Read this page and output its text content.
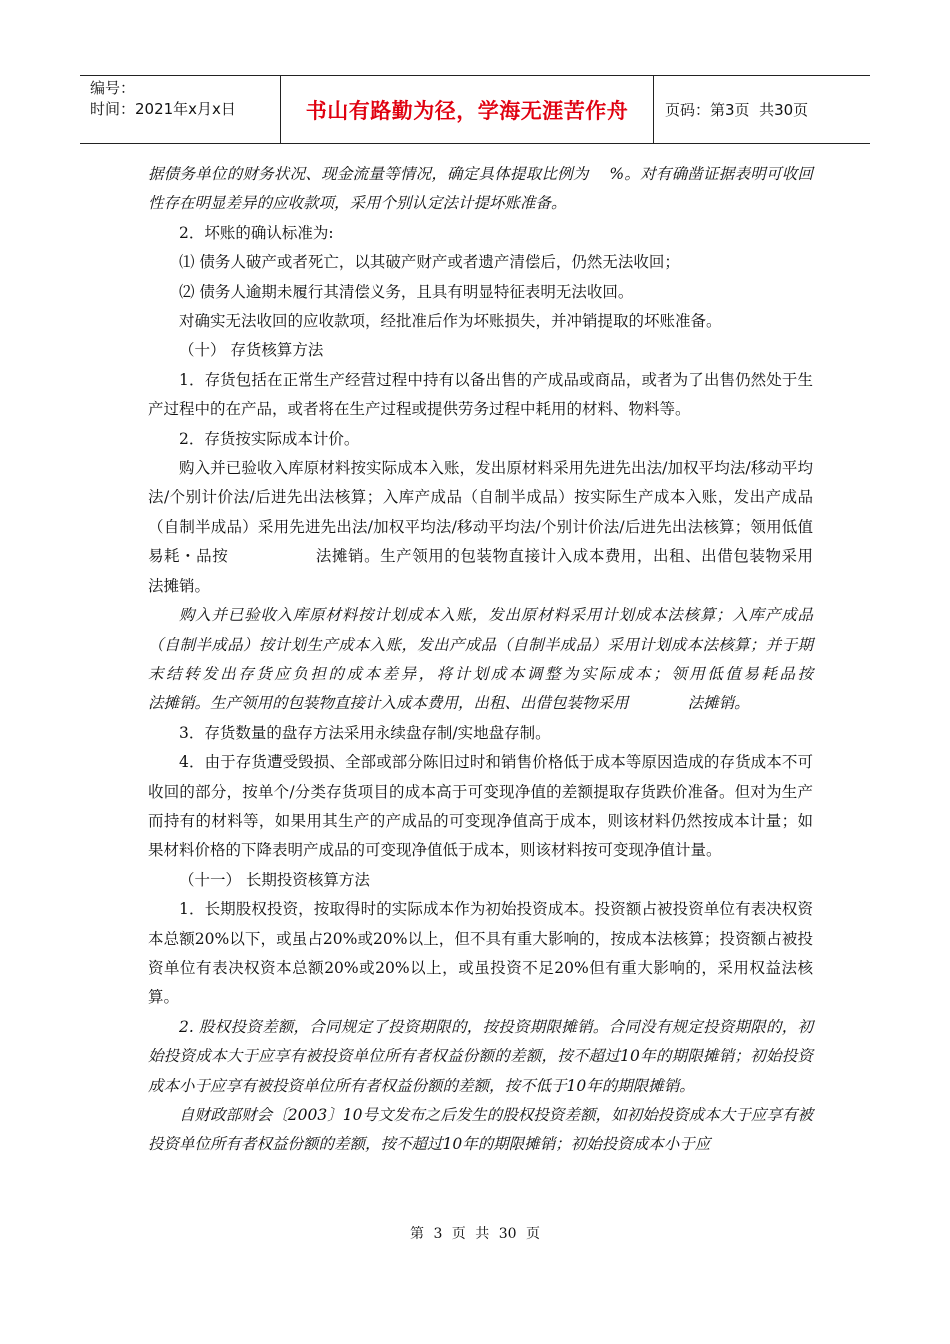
编号：
时间：2021年x月x日	书山有路勤为径，学海无涯苦作舟	页码：第3页  共30页

据债务单位的财务状况、现金流量等情况，确定具体提取比例为    %。对有确凿证据表明可收回性存在明显差异的应收款项，采用个别认定法计提坏账准备。

2．坏账的确认标准为:

⑴ 债务人破产或者死亡，以其破产财产或者遗产清偿后，仍然无法收回；

⑵ 债务人逾期未履行其清偿义务，且具有明显特征表明无法收回。

对确实无法收回的应收款项，经批准后作为坏账损失，并冲销提取的坏账准备。

（十） 存货核算方法

1．存货包括在正常生产经营过程中持有以备出售的产成品或商品，或者为了出售仍然处于生产过程中的在产品，或者将在生产过程或提供劳务过程中耗用的材料、物料等。

2．存货按实际成本计价。

购入并已验收入库原材料按实际成本入账，发出原材料采用先进先出法/加权平均法/移动平均法/个别计价法/后进先出法核算；入库产成品（自制半成品）按实际生产成本入账，发出产成品（自制半成品）采用先进先出法/加权平均法/移动平均法/个别计价法/后进先出法核算；领用低值易耗・品按                法摊销。生产领用的包装物直接计入成本费用，出租、出借包装物采用            法摊销。

购入并已验收入库原材料按计划成本入账，发出原材料采用计划成本法核算；入库产成品（自制半成品）按计划生产成本入账，发出产成品（自制半成品）采用计划成本法核算；并于期末结转发出存货应负担的成本差异，将计划成本调整为实际成本；领用低值易耗品按                法摊销。生产领用的包装物直接计入成本费用，出租、出借包装物采用            法摊销。

3．存货数量的盘存方法采用永续盘存制/实地盘存制。

4．由于存货遭受毁损、全部或部分陈旧过时和销售价格低于成本等原因造成的存货成本不可收回的部分，按单个/分类存货项目的成本高于可变现净值的差额提取存货跌价准备。但对为生产而持有的材料等，如果用其生产的产成品的可变现净值高于成本，则该材料仍然按成本计量；如果材料价格的下降表明产成品的可变现净值低于成本，则该材料按可变现净值计量。

（十一） 长期投资核算方法

1．长期股权投资，按取得时的实际成本作为初始投资成本。投资额占被投资单位有表决权资本总额20%以下，或虽占20%或20%以上，但不具有重大影响的，按成本法核算；投资额占被投资单位有表决权资本总额20%或20%以上，或虽投资不足20%但有重大影响的，采用权益法核算。

2. 股权投资差额，合同规定了投资期限的，按投资期限摊销。合同没有规定投资期限的，初始投资成本大于应享有被投资单位所有者权益份额的差额，按不超过10年的期限摊销；初始投资成本小于应享有被投资单位所有者权益份额的差额，按不低于10年的期限摊销。

自财政部财会〔2003〕10号文发布之后发生的股权投资差额，如初始投资成本大于应享有被投资单位所有者权益份额的差额，按不超过10年的期限摊销；初始投资成本小于应

第 3 页 共 30 页
